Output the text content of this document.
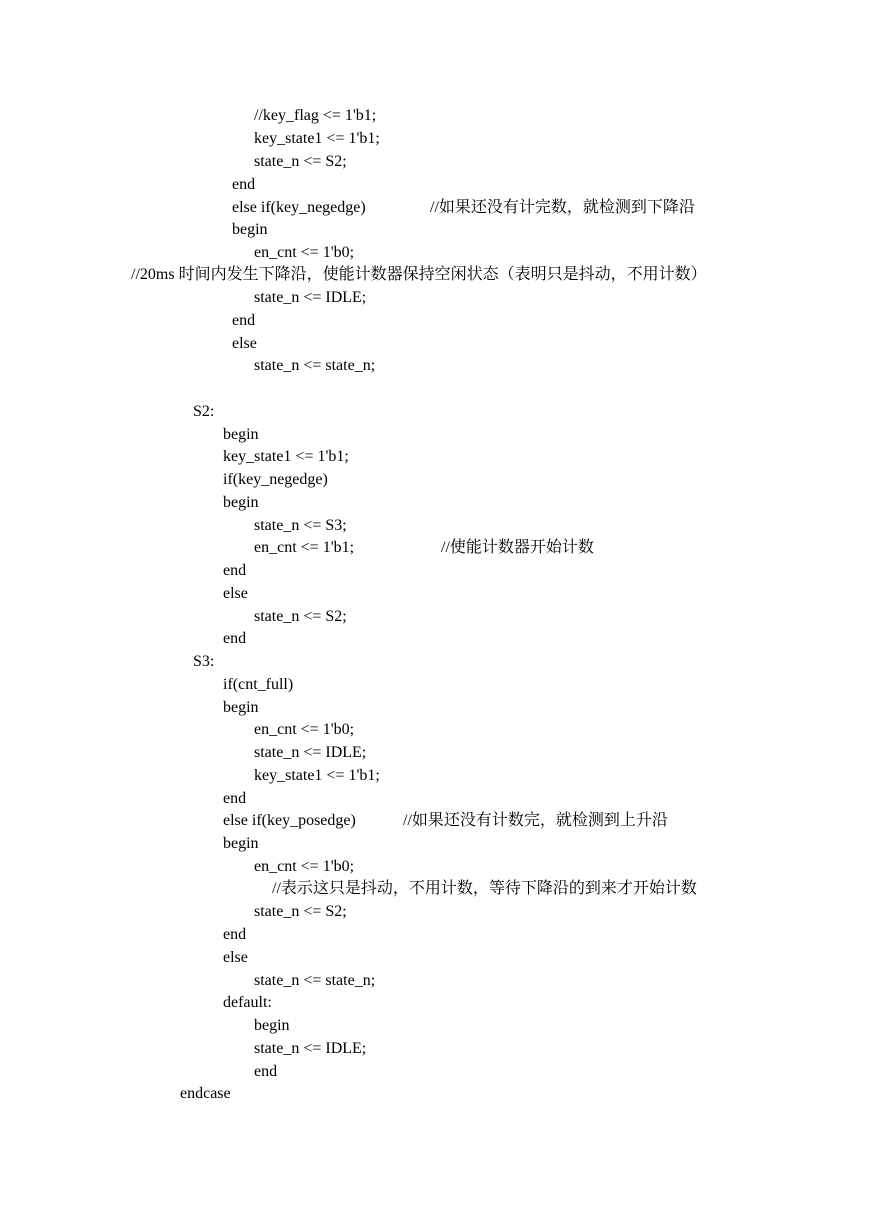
//key_flag <= 1'b1;
key_state1 <= 1'b1;
state_n <= S2;
end
else if(key_negedge)	//如果还没有计完数，就检测到下降沿
begin
en_cnt <= 1'b0;
//20ms 时间内发生下降沿，使能计数器保持空闲状态（表明只是抖动，不用计数）
state_n <= IDLE;
end
else
state_n <= state_n;
S2:
begin
key_state1 <= 1'b1;
if(key_negedge)
begin
state_n <= S3;
en_cnt <= 1'b1;	//使能计数器开始计数
end
else
state_n <= S2;
end
S3:
if(cnt_full)
begin
en_cnt <= 1'b0;
state_n <= IDLE;
key_state1 <= 1'b1;
end
else if(key_posedge)	//如果还没有计数完，就检测到上升沿
begin
en_cnt <= 1'b0;
//表示这只是抖动，不用计数，等待下降沿的到来才开始计数
state_n <= S2;
end
else
state_n <= state_n;
default:
begin
state_n <= IDLE;
end
endcase
